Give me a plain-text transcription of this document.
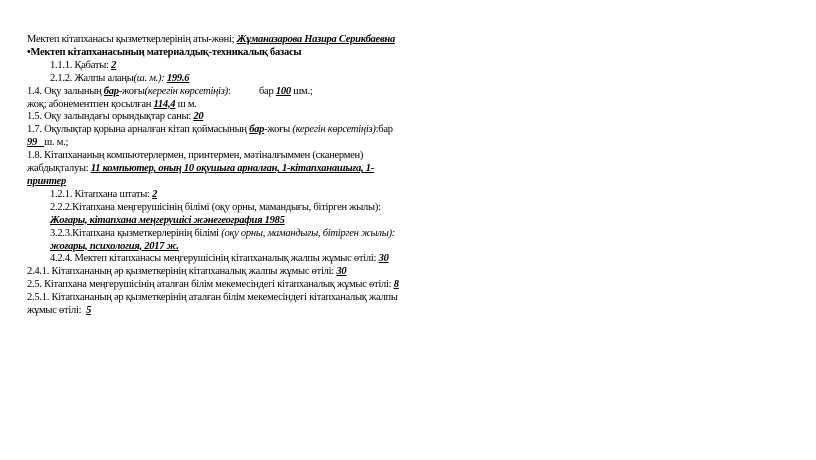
Мектеп кітапханасы қызметкерлерінің аты-жөні; Жұманазарова Назира Серикбаевна
•Мектеп кітапханасының материалдық-техникалық базасы
1.1.1. Қабаты: 2
2.1.2. Жалпы алаңы(ш. м.): 199.6
1.4. Оқу залының бар-жоғы(керегін көрсетіңіз):	бар 100 шм.;
жоқ; абонементпен қосылған 114,4 ш м.
1.5. Оқу залындағы орындықтар саны: 20
1.7. Оқулықтар қорына арналған кітап қоймасының бар-жоғы (керегін көрсетіңіз):бар
99 ш. м.;
1.8. Кітапхананың компьютерлермен, принтермен, мәтіналғыммен (сканермен)
жабдықталуы: 11 компьютер, оның 10 оқушыға арналған, 1-кітапханашыға, 1-
принтер
1.2.1. Кітапхана штаты: 2
2.2.2.Кітапхана меңгерушісінің білімі (оқу орны, мамандығы, бітірген жылы):
Жоғары, кітапхана меңгерушісі жәнегеография 1985
3.2.3.Кітапхана қызметкерлерінің білімі (оқу орны, мамандығы, бітірген жылы):
жоғары, психология, 2017 ж.
4.2.4. Мектеп кітапханасы меңгерушісінің кітапханалық жалпы жұмыс өтілі: 30
2.4.1. Кітапхананың әр қызметкерінің кітапханалық жалпы жұмыс өтілі: 30
2.5. Кітапхана меңгерушісінің аталған білім мекемесіндегі кітапханалық жұмыс өтілі: 8
2.5.1. Кітапхананың әр қызметкерінің аталған білім мекемесіндегі кітапханалық жалпы
жұмыс өтілі: 5
